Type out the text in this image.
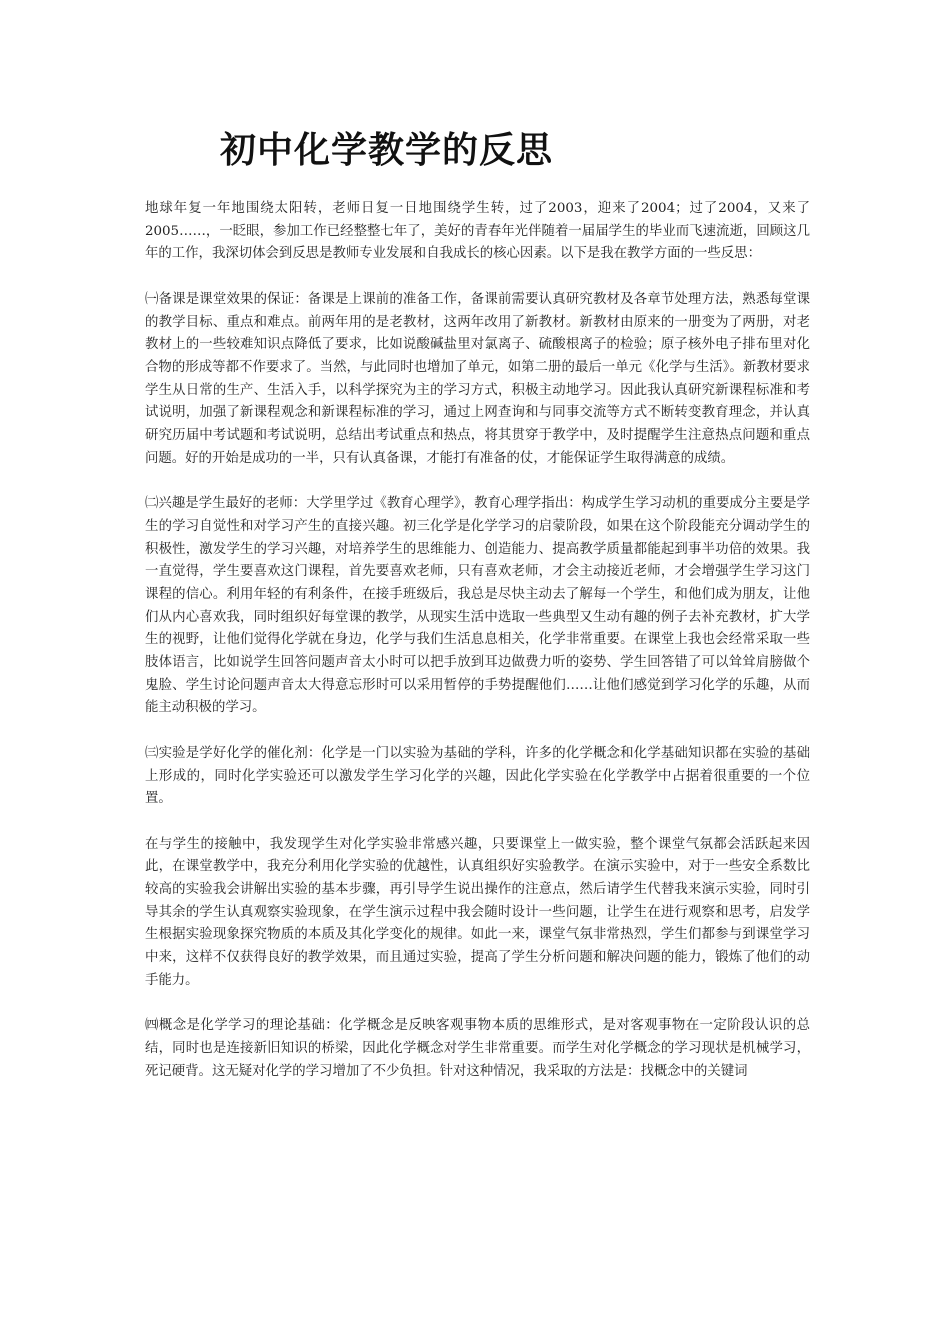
初中化学教学的反思

地球年复一年地围绕太阳转，老师日复一日地围绕学生转，过了2003，迎来了2004；过了2004，又来了2005……，一眨眼，参加工作已经整整七年了，美好的青春年光伴随着一届届学生的毕业而飞速流逝，回顾这几年的工作，我深切体会到反思是教师专业发展和自我成长的核心因素。以下是我在教学方面的一些反思：

㈠备课是课堂效果的保证：备课是上课前的准备工作，备课前需要认真研究教材及各章节处理方法，熟悉每堂课的教学目标、重点和难点。前两年用的是老教材，这两年改用了新教材。新教材由原来的一册变为了两册，对老教材上的一些较难知识点降低了要求，比如说酸碱盐里对氯离子、硫酸根离子的检验；原子核外电子排布里对化合物的形成等都不作要求了。当然，与此同时也增加了单元，如第二册的最后一单元《化学与生活》。新教材要求学生从日常的生产、生活入手，以科学探究为主的学习方式，积极主动地学习。因此我认真研究新课程标准和考试说明，加强了新课程观念和新课程标准的学习，通过上网查询和与同事交流等方式不断转变教育理念，并认真研究历届中考试题和考试说明，总结出考试重点和热点，将其贯穿于教学中，及时提醒学生注意热点问题和重点问题。好的开始是成功的一半，只有认真备课，才能打有准备的仗，才能保证学生取得满意的成绩。

㈡兴趣是学生最好的老师：大学里学过《教育心理学》，教育心理学指出：构成学生学习动机的重要成分主要是学生的学习自觉性和对学习产生的直接兴趣。初三化学是化学学习的启蒙阶段，如果在这个阶段能充分调动学生的积极性，激发学生的学习兴趣，对培养学生的思维能力、创造能力、提高教学质量都能起到事半功倍的效果。我一直觉得，学生要喜欢这门课程，首先要喜欢老师，只有喜欢老师，才会主动接近老师，才会增强学生学习这门课程的信心。利用年轻的有利条件，在接手班级后，我总是尽快主动去了解每一个学生，和他们成为朋友，让他们从内心喜欢我，同时组织好每堂课的教学，从现实生活中选取一些典型又生动有趣的例子去补充教材，扩大学生的视野，让他们觉得化学就在身边，化学与我们生活息息相关，化学非常重要。在课堂上我也会经常采取一些肢体语言，比如说学生回答问题声音太小时可以把手放到耳边做费力听的姿势、学生回答错了可以耸耸肩膀做个鬼脸、学生讨论问题声音太大得意忘形时可以采用暂停的手势提醒他们……让他们感觉到学习化学的乐趣，从而能主动积极的学习。

㈢实验是学好化学的催化剂：化学是一门以实验为基础的学科，许多的化学概念和化学基础知识都在实验的基础上形成的，同时化学实验还可以激发学生学习化学的兴趣，因此化学实验在化学教学中占据着很重要的一个位置。

在与学生的接触中，我发现学生对化学实验非常感兴趣，只要课堂上一做实验，整个课堂气氛都会活跃起来因此，在课堂教学中，我充分利用化学实验的优越性，认真组织好实验教学。在演示实验中，对于一些安全系数比较高的实验我会讲解出实验的基本步骤，再引导学生说出操作的注意点，然后请学生代替我来演示实验，同时引导其余的学生认真观察实验现象，在学生演示过程中我会随时设计一些问题，让学生在进行观察和思考，启发学生根据实验现象探究物质的本质及其化学变化的规律。如此一来，课堂气氛非常热烈，学生们都参与到课堂学习中来，这样不仅获得良好的教学效果，而且通过实验，提高了学生分析问题和解决问题的能力，锻炼了他们的动手能力。

㈣概念是化学学习的理论基础：化学概念是反映客观事物本质的思维形式，是对客观事物在一定阶段认识的总结，同时也是连接新旧知识的桥梁，因此化学概念对学生非常重要。而学生对化学概念的学习现状是机械学习，死记硬背。这无疑对化学的学习增加了不少负担。针对这种情况，我采取的方法是：找概念中的关键词
